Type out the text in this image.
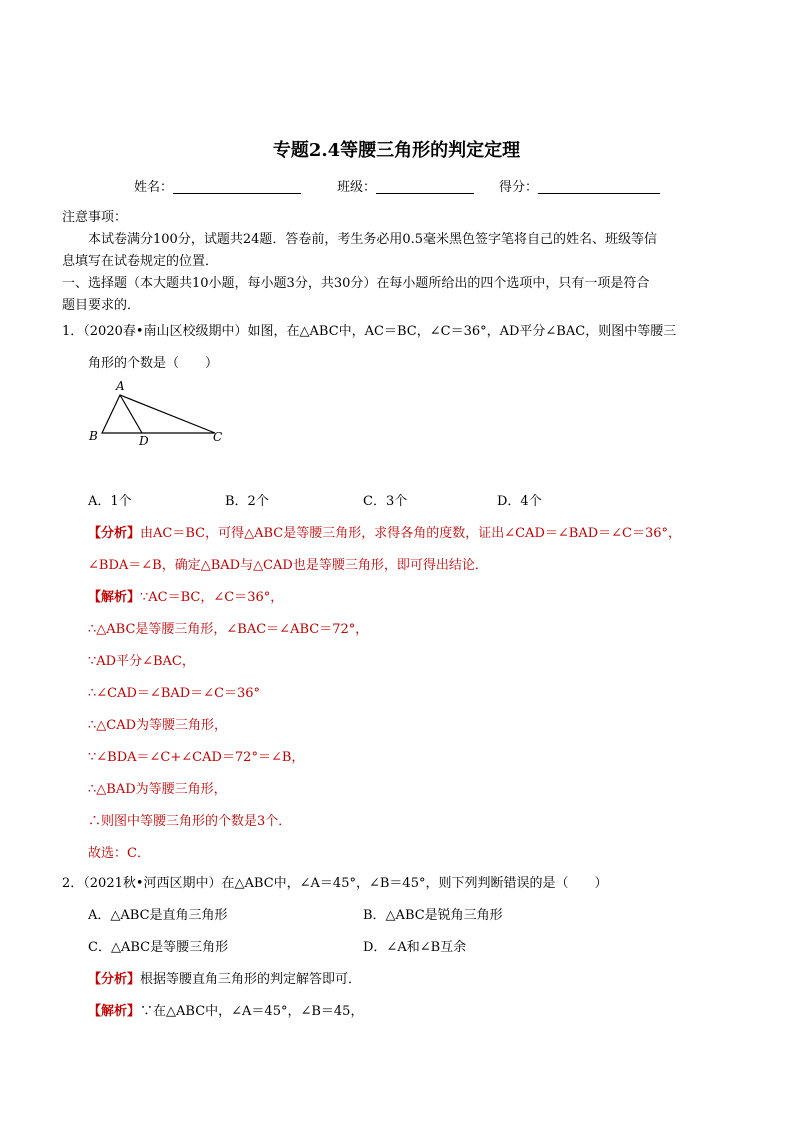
专题2.4等腰三角形的判定定理
姓名：	班级：	得分：
注意事项：
本试卷满分100分，试题共24题．答卷前，考生务必用0.5毫米黑色签字笔将自己的姓名、班级等信
息填写在试卷规定的位置．
一、选择题（本大题共10小题，每小题3分，共30分）在每小题所给出的四个选项中，只有一项是符合
题目要求的．
1．（2020春•南山区校级期中）如图，在△ABC中，AC＝BC，∠C＝36°，AD平分∠BAC，则图中等腰三
角形的个数是（　　）
A
B	C
D
A．1个	B．2个	C．3个	D．4个
【分析】由AC＝BC，可得△ABC是等腰三角形，求得各角的度数，证出∠CAD＝∠BAD＝∠C＝36°，
∠BDA＝∠B，确定△BAD与△CAD也是等腰三角形，即可得出结论．
【解析】∵AC＝BC，∠C＝36°，
∴△ABC是等腰三角形，∠BAC＝∠ABC＝72°，
∵AD平分∠BAC，
∴∠CAD＝∠BAD＝∠C＝36°
∴△CAD为等腰三角形，
∵∠BDA＝∠C+∠CAD＝72°＝∠B，
∴△BAD为等腰三角形，
∴则图中等腰三角形的个数是3个．
故选：C．
2．（2021秋•河西区期中）在△ABC中，∠A＝45°，∠B＝45°，则下列判断错误的是（　　）
A．△ABC是直角三角形	B．△ABC是锐角三角形
C．△ABC是等腰三角形	D．∠A和∠B互余
【分析】根据等腰直角三角形的判定解答即可．
【解析】∵在△ABC中，∠A＝45°，∠B＝45，
